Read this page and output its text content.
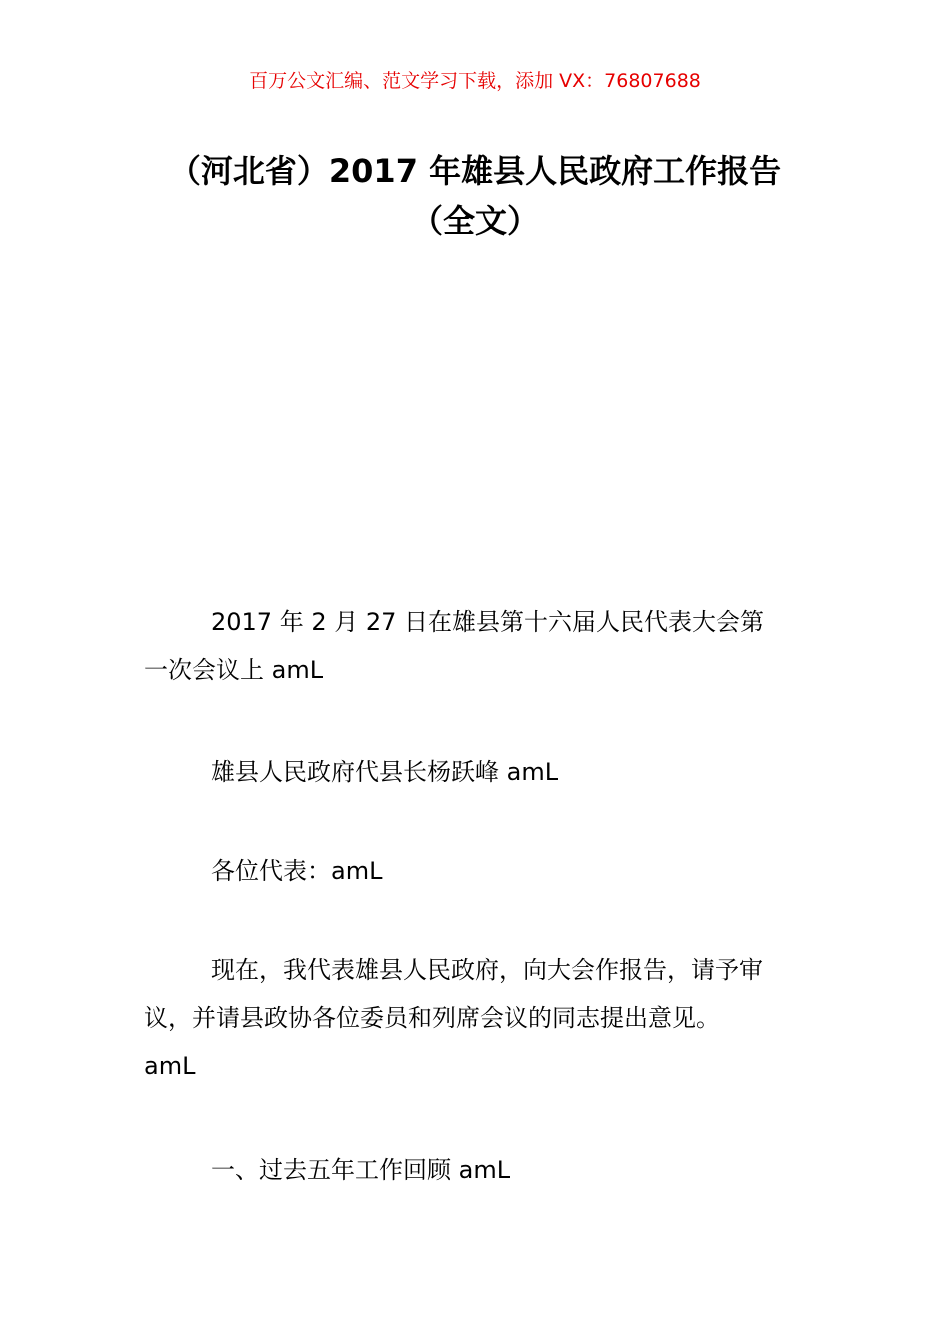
百万公文汇编、范文学习下载，添加 VX：76807688
（河北省）2017 年雄县人民政府工作报告
（全文）

2017 年 2 月 27 日在雄县第十六届人民代表大会第
一次会议上 amL

雄县人民政府代县长杨跃峰 amL

各位代表：amL

现在，我代表雄县人民政府，向大会作报告，请予审
议，并请县政协各位委员和列席会议的同志提出意见。
amL

一、过去五年工作回顾 amL
